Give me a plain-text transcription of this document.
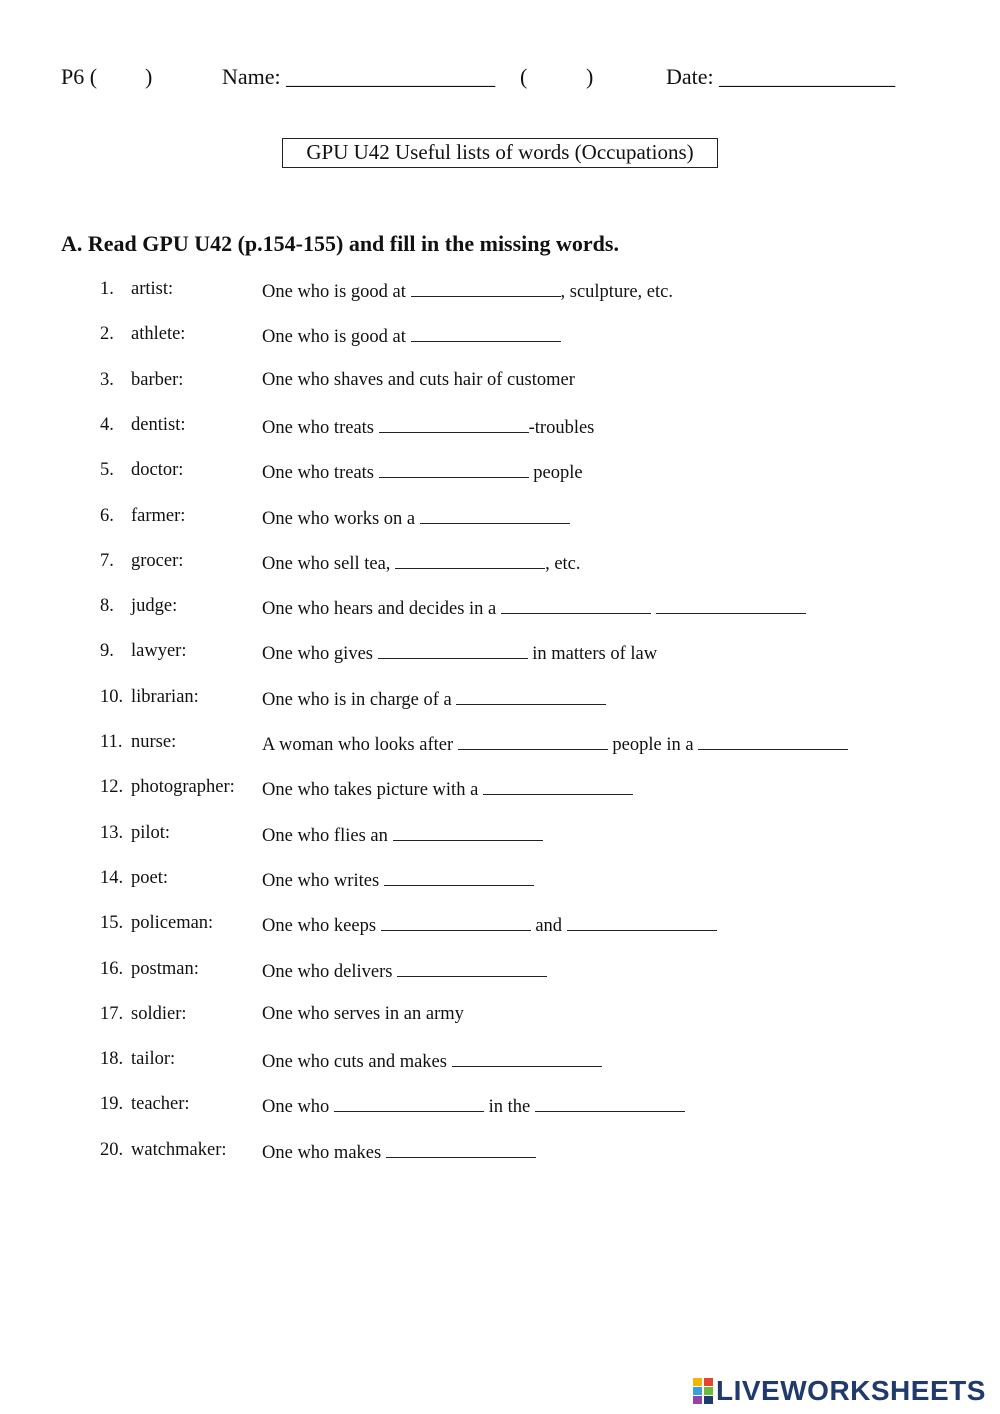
P6 ( )	Name: ___________________ (	)	Date: ________________
GPU U42 Useful lists of words (Occupations)
A. Read GPU U42 (p.154-155) and fill in the missing words.
1. artist:	One who is good at	, sculpture, etc.
2. athlete:	One who is good at
3. barber:	One who shaves and cuts hair of customer
4. dentist:	One who treats	-troubles
5. doctor:	One who treats	people
6. farmer:	One who works on a
7. grocer:	One who sell tea,	, etc.
8. judge:	One who hears and decides in a
9. lawyer:	One who gives	in matters of law
10. librarian:	One who is in charge of a
11. nurse:	A woman who looks after	people in a
12. photographer: One who takes picture with a
13. pilot:	One who flies an
14. poet:	One who writes
15. policeman:	One who keeps	and
16. postman:	One who delivers
17. soldier:	One who serves in an army
18. tailor:	One who cuts and makes
19. teacher:	One who	in the
20. watchmaker: One who makes
LIVEWORKSHEETS
